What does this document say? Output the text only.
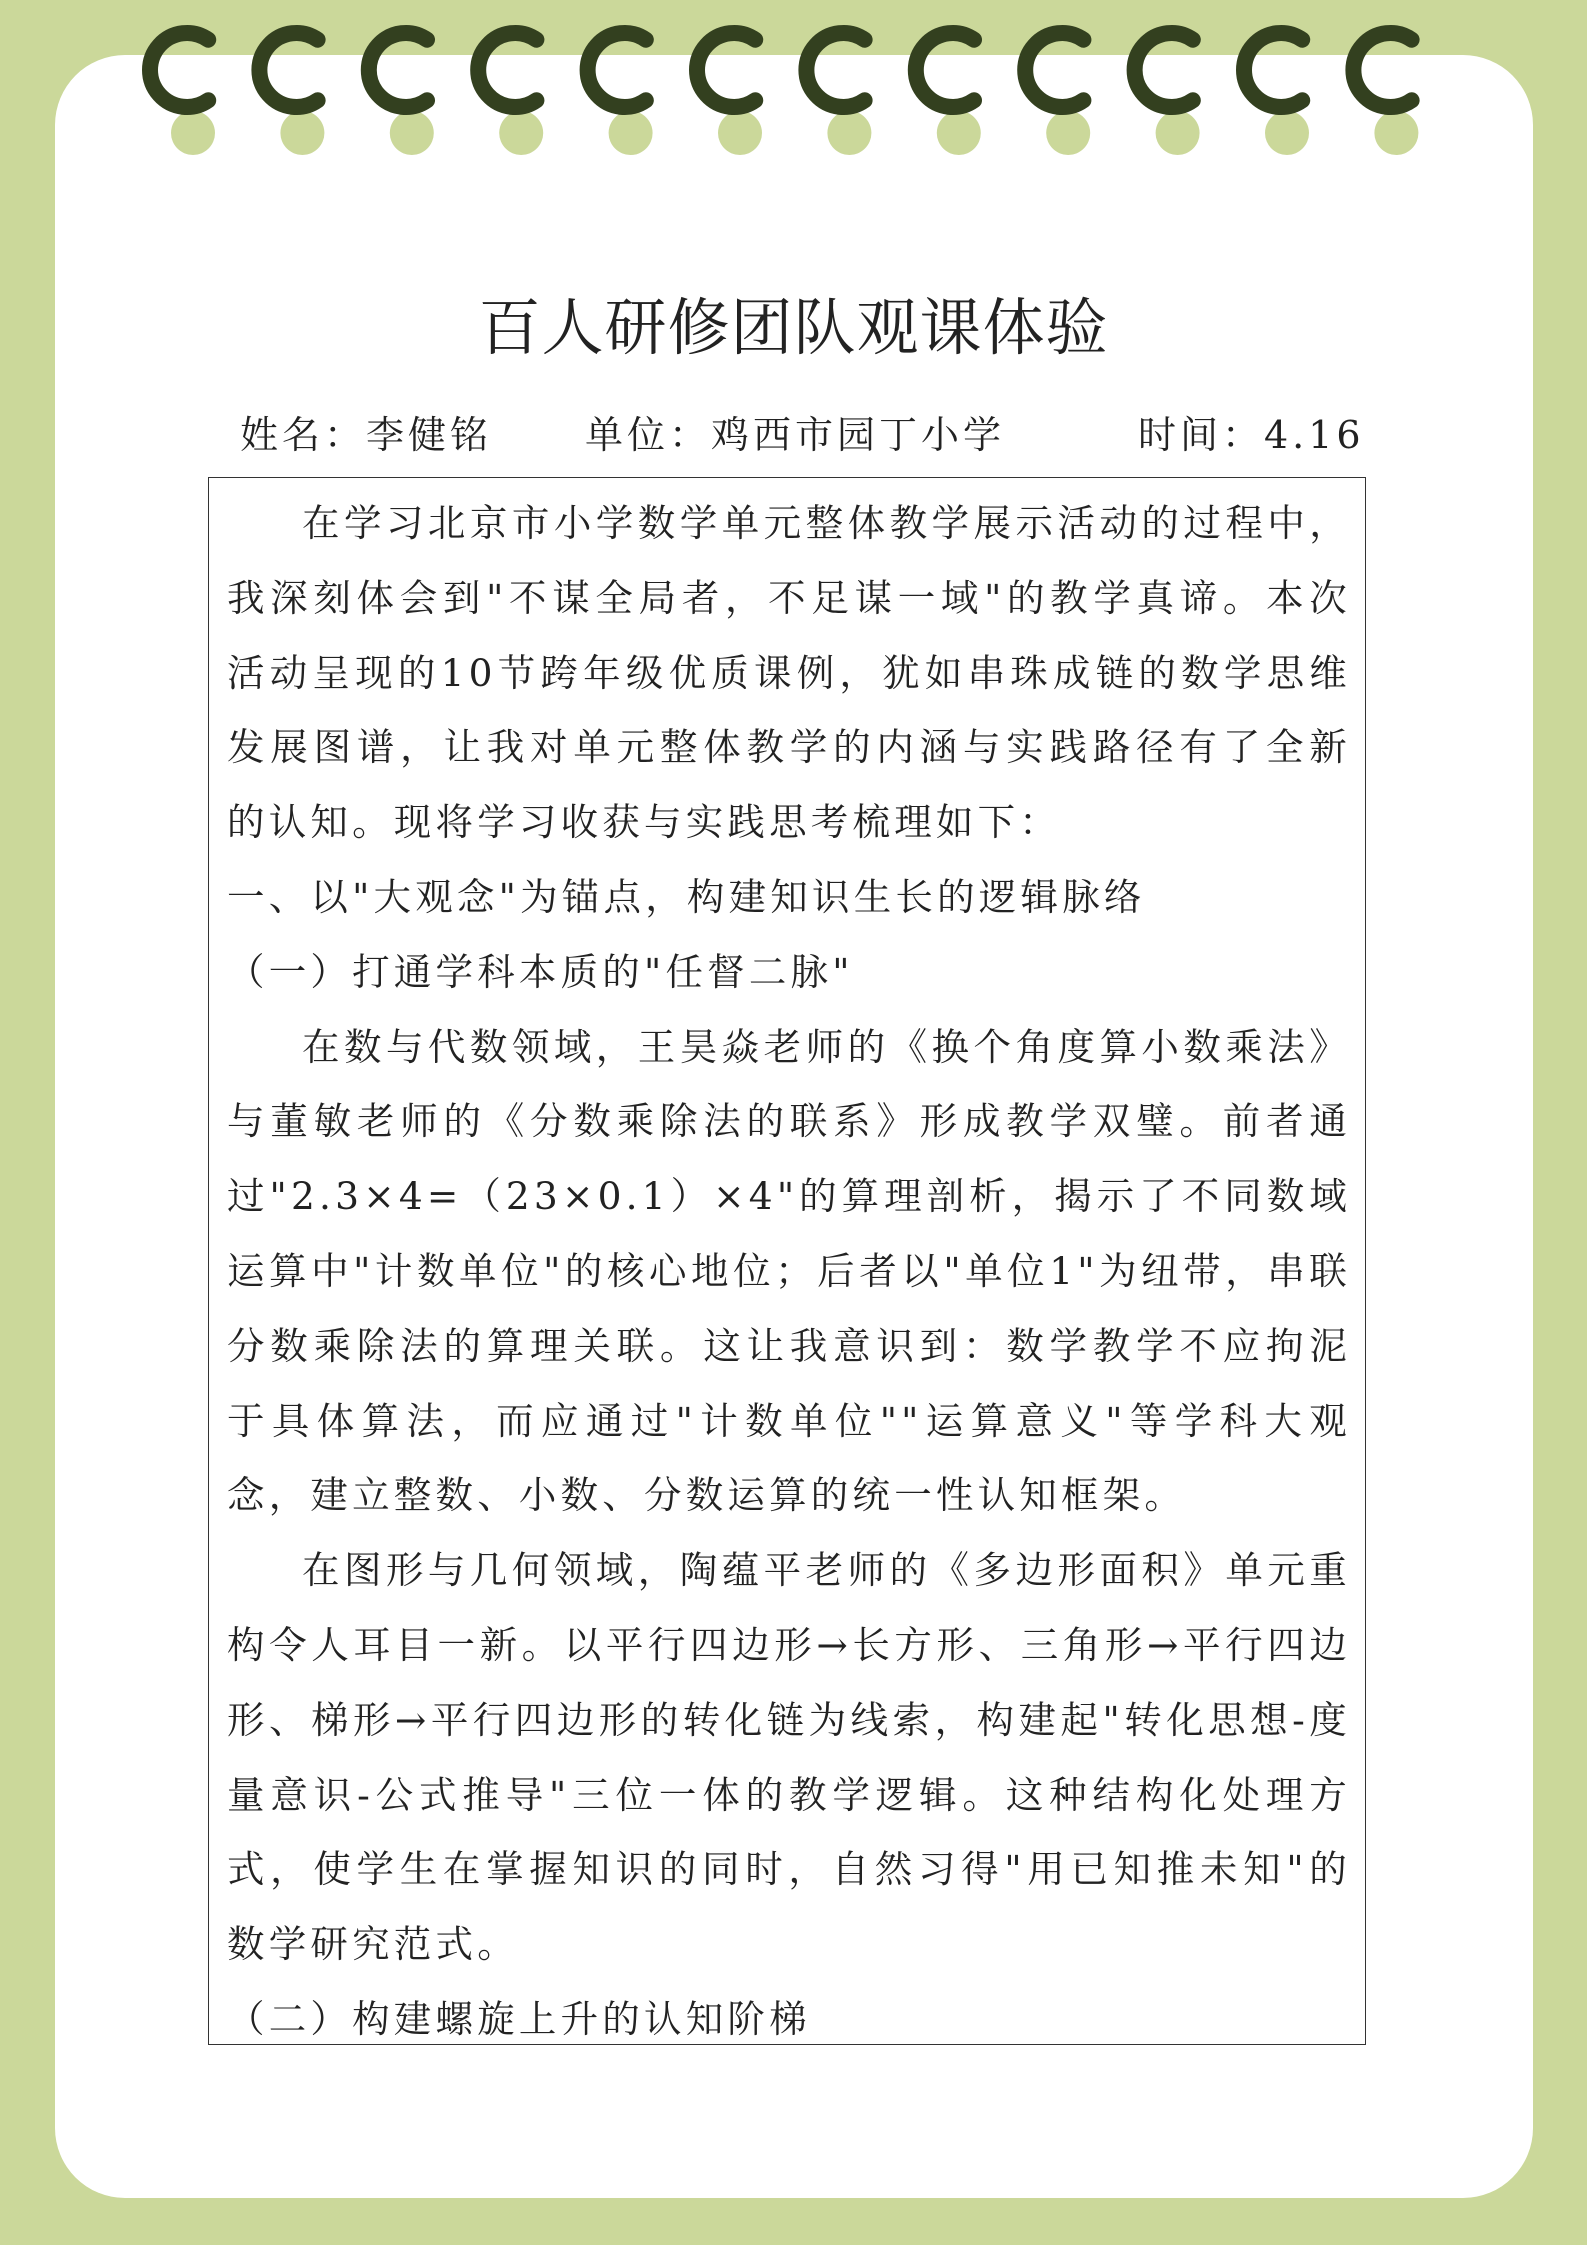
百人研修团队观课体验
姓名：李健铭 单位：鸡西市园丁小学	时间：4.16

在学习北京市小学数学单元整体教学展示活动的过程中，我深刻体会到"不谋全局者，不足谋一域"的教学真谛。本次活动呈现的10节跨年级优质课例，犹如串珠成链的数学思维发展图谱，让我对单元整体教学的内涵与实践路径有了全新的认知。现将学习收获与实践思考梳理如下：

一、以"大观念"为锚点，构建知识生长的逻辑脉络

（一）打通学科本质的"任督二脉"

在数与代数领域，王昊焱老师的《换个角度算小数乘法》与董敏老师的《分数乘除法的联系》形成教学双璧。前者通过"2.3×4=（23×0.1）×4"的算理剖析，揭示了不同数域运算中"计数单位"的核心地位；后者以"单位1"为纽带，串联分数乘除法的算理关联。这让我意识到：数学教学不应拘泥于具体算法，而应通过"计数单位""运算意义"等学科大观念，建立整数、小数、分数运算的统一性认知框架。

在图形与几何领域，陶蕴平老师的《多边形面积》单元重构令人耳目一新。以平行四边形→长方形、三角形→平行四边形、梯形→平行四边形的转化链为线索，构建起"转化思想-度量意识-公式推导"三位一体的教学逻辑。这种结构化处理方式，使学生在掌握知识的同时，自然习得"用已知推未知"的数学研究范式。

（二）构建螺旋上升的认知阶梯
